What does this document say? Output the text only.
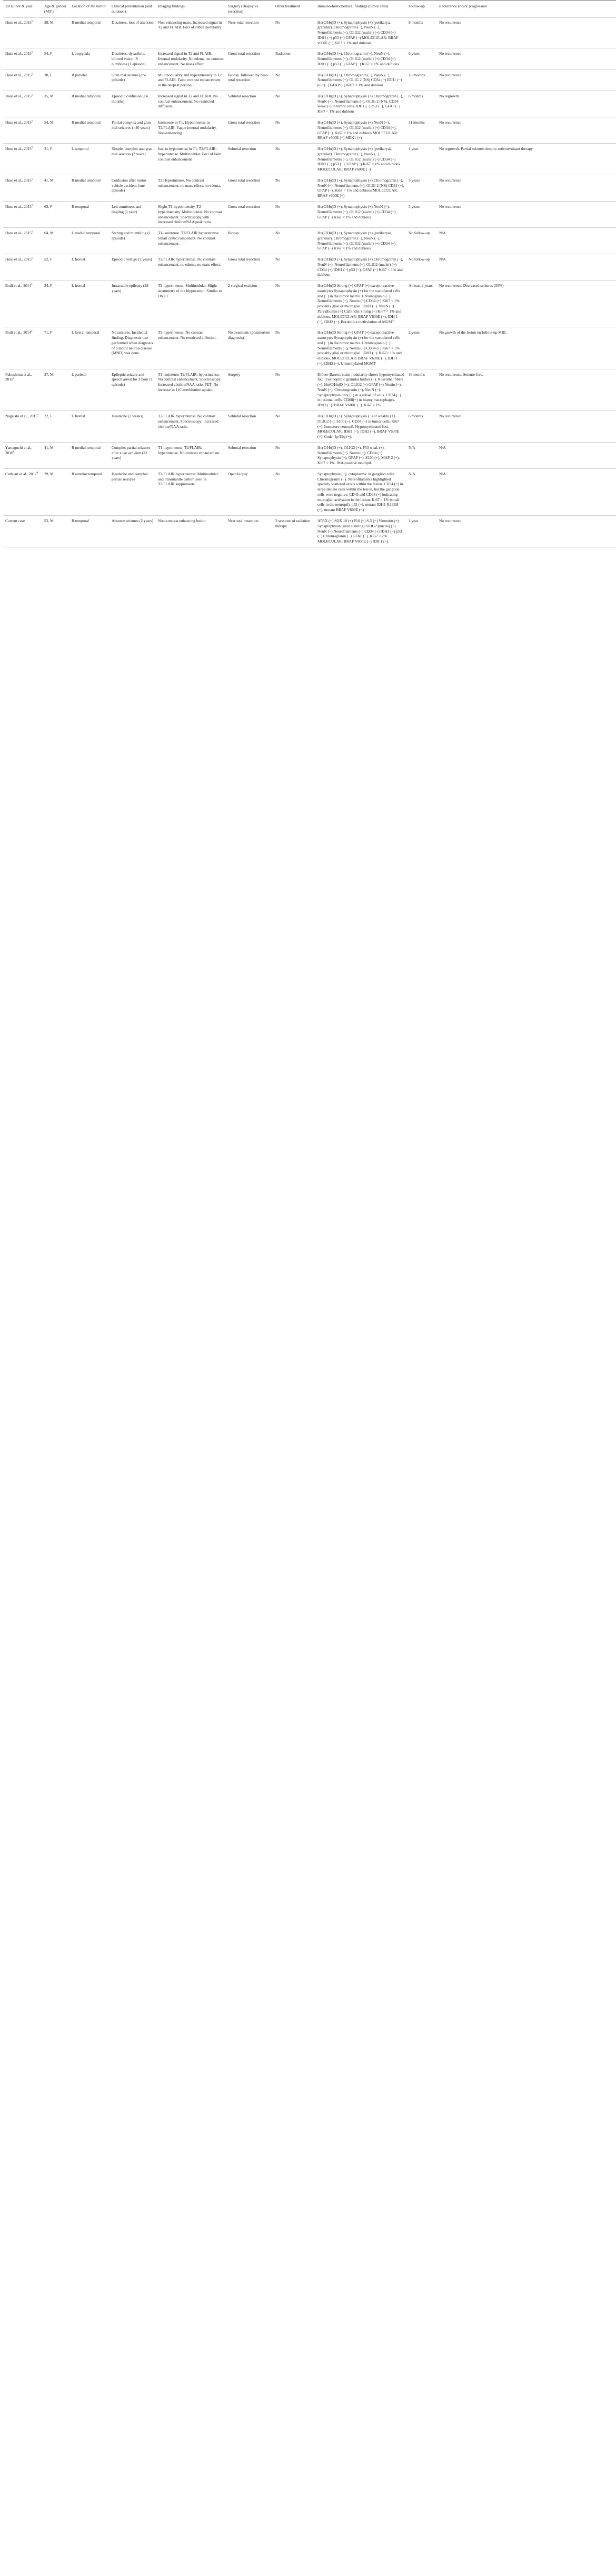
1st author & year	Age & gender (M/F)	Location of the tumor	Clinical presentation (and duration)	Imaging findings	Surgery (Biopsy vs resection)	Other treatment	Immuno-histochemical findings (tumor cells)	Follow-up	Recurrence and/or progression
Huse et al., 2015$^5$	38, M	R medial temporal	Dizziness, loss of attention	Non-enhancing mass. Increased signal in T2 and FLAIR. Foci of subtle nodularity	Near-total resection	No	Hu(C/Hu)D (+), Synaptophysin (+) (perikarya, granular). Chromogranin (−), NeuN (−), Neurofilaments (−), OLIG2 (nuclei) (+) CD34 (+) IDH1 (−) p53 (−) GFAP (−) MOLECULAR: BRAF v600E (−) Ki67 < 1% and dubious	8 months	No recurrence
Huse et al., 2015$^5$	54, F	L amygdala	Dizziness, dysarthria, blurred vision: R numbness (1 episode)	Increased signal in T2 and FLAIR. Internal nodularity. No edema, no contrast enhancement. No mass effect	Gross total resection	Radiation	Hu(C/Hu)D (+), Chromogranin (−), NeuN (−), Neurofilaments (−), OLIG2 (nuclei) (+) CD34 (+) IDH1 (−) p53 (−) GFAP (−) Ki67 < 1% and dubious	6 years	No recurrence
Huse et al., 2015$^5$	38, F	R parietal	Gran mal seizure (one episode)	Multinodularity and hyperintensity in T2 and FLAIR. Faint contrast enhancement in the deepest portion.	Biopsy. followed by near-total resection	No	Hu(C/Hu)D (+), Chromogranin (−), NeuN (−), Neurofilaments (−), OLIG 2 (NS) CD34 (−) IDH1 (−) p53 (−) GFAP (−) Ki67 < 1% and dubious	16 months	No recurrence
Huse et al., 2015$^5$	35, M	R medial temporal	Episodic confusion (14 months)	Increased signal in T2 and FLAIR. No contrast enhancement. No restricted diffusion.	Subtotal resection	No	Hu(C/Hu)D (+), Synaptophysin (+) Chromogranin (−), NeuN (−), Neurofilaments (−), OLIG 2 (NS). CD34 weak (+) in tumor cells. IDH1 (−) p53 (−), GFAP (−) Ki67 < 1% and dubious	6 months	No regrowth
Huse et al., 2015$^5$	54, M	R medial temporal	Partial complex and gran mal seizures (>40 years)	Isointense in T1. Hyperintense in T2/FLAIR. Vague internal nodularity. Non-enhancing	Gross total resection	No	Hu(C/Hu)D (+), Synaptophysin (+) NeuN (−), Neurofilaments (−), OLIG2 (nuclei) (+) CD34 (+), GFAP (−), Ki67 < 1% and dubious MOLECULAR: BRAF v600E (−) MEK1 (+)	11 months	No recurrence
Huse et al., 2015$^5$	31, F	L temporal	Simple, complex and gran mal seizures (2 years)	Iso- to hypointense in T1. T2/FLAIR: hyperintense. Multinodular. Foci of faint contrast enhancement	Subtotal resection	No	Hu(C/Hu)D (+), Synaptophysin (+) (perikaryal, granular). Chromogranin (−), NeuN (−), Neurofilaments (−), OLIG2 (nuclei) (+) CD34 (+) IDH1 (−) p53 (−), GFAP (−) Ki67 < 1% and dubious MOLECULAR: BRAF v600E (−)	1 year	No regrowth. Partial seizures despite anticonvulsant therapy
Huse et al., 2015$^5$	41, M	R medial temporal	Confusion after motor vehicle accident (one episode)	T2 Hyperintense. No contrast enhancement, no mass effect, no edema.	Gross total resection	No	Hu(C/Hu)D (+), Synaptophysin (+) Chromogranin (−), NeuN (−), Neurofilaments (−), OLIG 2 (NS) CD34 (−), GFAP (−), Ki67 < 1% and dubious MOLECULAR: BRAF v600E (−)	5 years	No recurrence
Huse et al., 2015$^5$	63, F	R temporal	Left numbness and tingling (1 year)	Slight T1-hypointensity. T2-hyperintensity. Multinodular. No contrast enhancement. Spectroscopy with increased choline/NAA peak ratio	Gross total resection	No	Hu(C/Hu)D (+), Synaptophysin (+) NeuN (−), Neurofilaments (−), OLIG2 (nuclei) (+) CD34 (+) GFAP (−) Ki67 < 1% and dubious	3 years	No recurrence
Huse et al., 2015$^5$	64, M	L medial temporal	Staring and mumbling (1 episode)	T1-isointense. T2/FLAIR hyperintense. Small cystic component. No contrast enhancement.	Biopsy	No	Hu(C/Hu)D (+), Synaptophysin (+) (perikaryal, granular). Chromogranin (−), NeuN (−), Neurofilaments (−), OLIG2 (nuclei) (+) CD34 (+) GFAP (−) Ki67 < 1% and dubious	No follow-up	N/A
Huse et al., 2015$^5$	52, F	L frontal	Episodic vertigo (2 years)	T2/FLAIR hyperintense. No contrast enhancement, no edema, no mass effect.	Gross total resection	No	Hu(C/Hu)D (+), Synaptophysin (+) Chromogranin (−), NeuN (−), Neurofilaments (−), OLIG2 (nuclei) (+) CD34 (+) IDH1 (−) p53 (−), GFAP (−) Ki67 < 1% and dubious	No follow-up	N/A
Bodi et al., 2014$^2$	34, F	L frontal	Intractable epilepsy (28 years)	T2-hyperintense. Multinodular. Slight asymmetry of the hippocampi. Similar to DNET.	2 surgical excision	No	Hu(C/Hu)D Strong (+) GFAP (+) except reactive astrocytes Synaptophysin (+) for the vacuolated cells and (−) in the tumor matrix. Chromogranin (−), Neurofilaments (−), Nestin (−) CD34 (+) Ki67 < 1% probably glial or microglial. IDH1 (−). NeuN (−) Parvalbumin (+) Calbindin Strong (+) Ki67 < 1% and dubious. MOLECULAR: BRAF V600E (−), IDH 1 (−), IDH2 (−). Borderline methylation of MGMT	At least 2 years	No recurrence. Decreased seizures (50%)
Bodi et al., 2014$^2$	71, F	L lateral temporal	No seizures. Incidental finding. Diagnostic test performed when diagnosis of a motor neuron disease (MND) was done.	T2-hyperintense. No contrast enhancement. No restricted diffusion.	No treatment. (postmortem diagnosis)	No	Hu(C/Hu)D Strong (+) GFAP (+) except reactive astrocytes Synaptophysin (+) for the vacuolated cells and (−) in the tumor matrix. Chromogranin (−), Neurofilaments (−), Nestin (−) CD34 (+) Ki67 < 1% probably glial or microglial. IDH1 (−). Ki67< 1% and dubious. MOLECULAR: BRAF V600E (−), IDH 1 (−), IDH2 (−). Unmethylated MGMT	2 years	No growth of the lesion on follow-up MRI.
Fukushima et al., 2015$^3$	37, M	L parietal	Epileptic seizure and speech arrest for 1 hour (1 episode)	T1-isointense T2/FLAIR: hyperintense. No contrast enhancement. Spectroscopy: Increased choline/NAA ratio. PET: No increase in 11C-methionine uptake.	Surgery	No	Klüver-Barrera stain: nodularity shows hypomyelinated foci. Eosinophilic granular bodies (−). Rosenthal fibers (−). Hu(C/Hu)D (+), OLIG2 (+) GFAP (−) Nestin (−). NeuN (−). Chromogranin (−), NeuN (−). Synaptophysin only (+) in a subset of cells. CD34 (−) in lesional cells. CD68(+) in foamy macrophages. IDH1 (−). BRAF V600E (−). Ki67 < 1%.	18 months	No recurrence. Seizure-free.
Nagaishi et al., 2015$^4$	22, F	L frontal	Headache (2 weeks)	T2/FLAIR hyperintense. No contrast enhancement. Spectroscopy: Increased choline/NAA ratio.	Subtotal resection	No	Hu(C/Hu)D (+). Synaptophysin (−) or weakly (+). OLIG2 (+). S100 (+). CD34 (−) in tumor cells. Ki67 (−). Immature neuropil. Hypomyelinated foci. MOLECULAR: IDH1 (−), IDH2 (−), BRAF V600E (−). Codel 1p/19q (−).	6 months	No recurrence
Yamaguchi et al., 2016$^6$	41, M	R medial temporal	Complex partial seizures after a car accident (22 years)	T1-hypointense. T2/FLAIR: hyperintense. No contrast enhancement.	Subtotal resection	No	Hu(C/Hu)D (+). OLIG2 (+). P53 weak (+). Neurofilaments (−). Nestin (−). CD34 (−). Synaptophysin (+). GFAP (−). S100 (+). MAP-2 (+). Ki67 < 1%. INA-positive neuropil.	N/A	N/A
Cathcart et al., 2017$^8$	29, M	R anterior temporal	Headache and complex partial seizures	T2/FLAIR hyperintense. Multinodular and transmantle pattern seen in T2/FLAIR suppression.	Open biopsy	No	Synaptophysin (+), cytoplasmic in ganglion cells. Chromogranin (−). Neurofilaments highlighted sparsely scattered axons within the lesion. CD34 (+) in large stellate cells within the lesion, but the ganglion cells were negative. CD45 and CD68 (+) indicating microglial activation in the lesion. Ki67 < 1% (small cells in the neuropil). p53 (−). mutant IDH1-R132H (−), mutant BRAF V600E (−)	N/A	N/A
Current case	52, M	R temporal	Absence seizures (2 years)	Non-contrast enhancing lesion.	Near total resection	3 sessions of radiation therapy	ATRX (+) SOX 10 (+) P16 (+) S-5 (+) Vimentin (+) Synaptophysin (mild staining) OLIG2 (nuclei) (+) NeuN (−) Neurofilaments (−) CD34 (+) IDH1 (−) p53 (−) Chromogranin (−) GFAP (−). Ki67 < 2%. MOLECULAR: BRAF V600E (−) IDH 1 (−).	1 year	No recurrence
